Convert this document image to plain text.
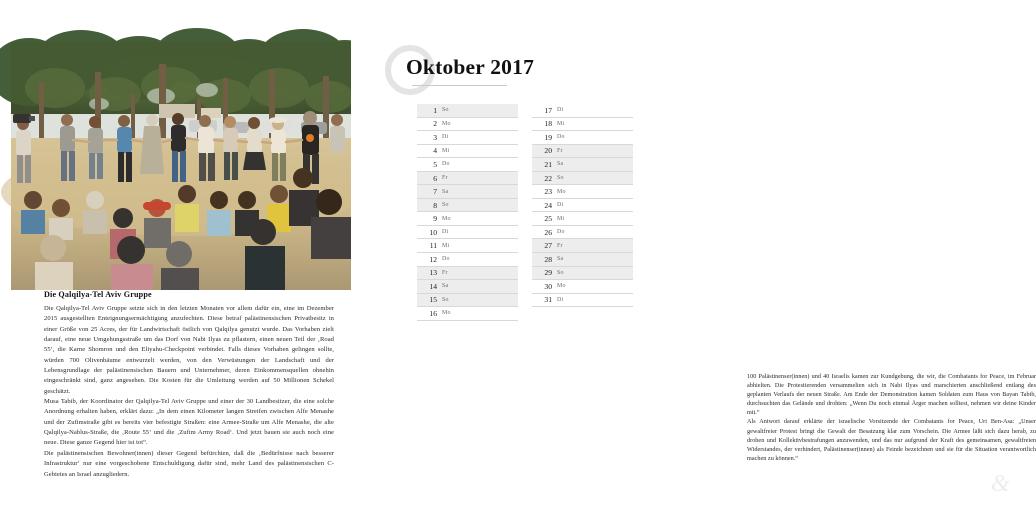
Die Qalqilya-Tel Aviv Gruppe

Die Qalqilya-Tel Aviv Gruppe setzte sich in den letzten Monaten vor allem dafür ein, eine im Dezember 2015 ausgestellten Enteignungsermächtigung anzufechten. Diese betraf palästinensischen Privatbesitz in einer Größe von 25 Acres, der für Landwirtschaft östlich von Qalqilya genutzt wurde. Das Vorhaben zielt darauf, eine neue Umgehungsstraße um das Dorf von Nabi Ilyas zu pflastern, einen neuen Teil der ‚Road 55‘, die Karne Shomron und den Eliyahu-Checkpoint verbindet. Falls dieses Vorhaben gelingen sollte, würden 700 Olivenbäume entwurzelt werden, von den Verwüstungen der Landschaft und der Lebensgrundlage der palästinensischen Bauern und Unternehmer, deren Einkommensquellen ohnehin eingeschränkt sind, ganz angesehen. Die Kosten für die Umleitung werden auf 50 Millionen Schekel geschätzt.

Musa Tabib, der Koordinator der Qalqilya-Tel Aviv Gruppe und einer der 30 Landbesitzer, die eine solche Anordnung erhalten haben, erklärt dazu: „In dem einen Kilometer langen Streifen zwischen Alfe Menashe und der Zufimstraße gibt es bereits vier befestigte Straßen: eine Armee-Straße um Alfe Menashe, die alte Qalqilya-Nablus-Straße, die ‚Route 55‘ und die ‚Zufim Army Road‘. Und jetzt bauen sie auch noch eine neue. Diese ganze Gegend hier ist tot“.

Die palästinensischen Bewohner(innen) dieser Gegend befürchten, daß die ‚Bedürfnisse nach besserer Infrastruktur‘ nur eine vorgeschobene Entschuldigung dafür sind, mehr Land des palästinensischen C-Gebietes an Israel anzugliedern.

Oktober 2017
1 So
2 Mo
3 Di
4 Mi
5 Do
6 Fr
7 Sa
8 So
9 Mo
10 Di
11 Mi
12 Do
13 Fr
14 Sa
15 So
16 Mo
17 Di
18 Mi
19 Do
20 Fr
21 Sa
22 So
23 Mo
24 Di
25 Mi
26 Do
27 Fr
28 Sa
29 So
30 Mo
31 Di

100 Palästinenser(innen) und 40 Israelis kamen zur Kundgebung, die wir, die Combatants for Peace, im Februar abhielten. Die Protestierenden versammelten sich in Nabi Ilyas und marschierten anschließend entlang des geplanten Verlaufs der neuen Straße. Am Ende der Demonstration kamen Soldaten zum Haus von Bayan Tabib, durchsuchten das Gelände und drohten: „Wenn Du noch einmal Ärger machen solltest, nehmen wir deine Kinder mit.“

Als Antwort darauf erklärte der israelische Vorsitzende der Combatants for Peace, Uri Ben-Asa: „Unser gewaltfreier Protest bringt die Gewalt der Besatzung klar zum Vorschein. Die Armee läßt sich dazu herab, zu drohen und Kollektivbestrafungen anzuwenden, und das nur aufgrund der Kraft des gemeinsamen, gewaltfreien Widerstandes, der verhindert, Palästinenser(innen) als Feinde bezeichnen und sie für die Situation verantwortlich machen zu können.“

&
